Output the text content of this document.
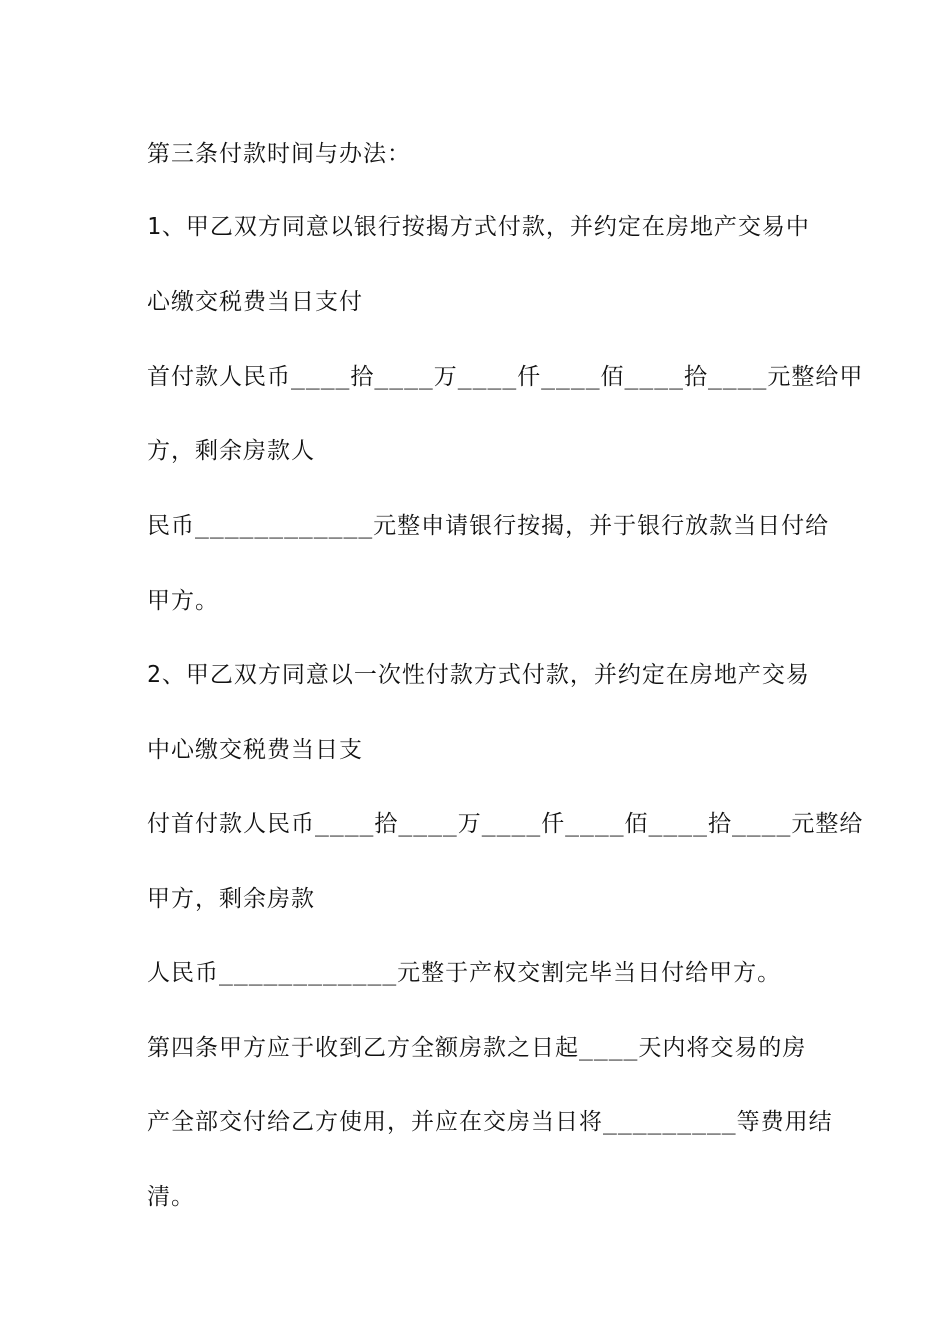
第三条付款时间与办法：
1、甲乙双方同意以银行按揭方式付款，并约定在房地产交易中
心缴交税费当日支付
首付款人民币____拾____万____仟____佰____拾____元整给甲
方，剩余房款人
民币____________元整申请银行按揭，并于银行放款当日付给
甲方。
2、甲乙双方同意以一次性付款方式付款，并约定在房地产交易
中心缴交税费当日支
付首付款人民币____拾____万____仟____佰____拾____元整给
甲方，剩余房款
人民币____________元整于产权交割完毕当日付给甲方。
第四条甲方应于收到乙方全额房款之日起____天内将交易的房
产全部交付给乙方使用，并应在交房当日将_________等费用结
清。
